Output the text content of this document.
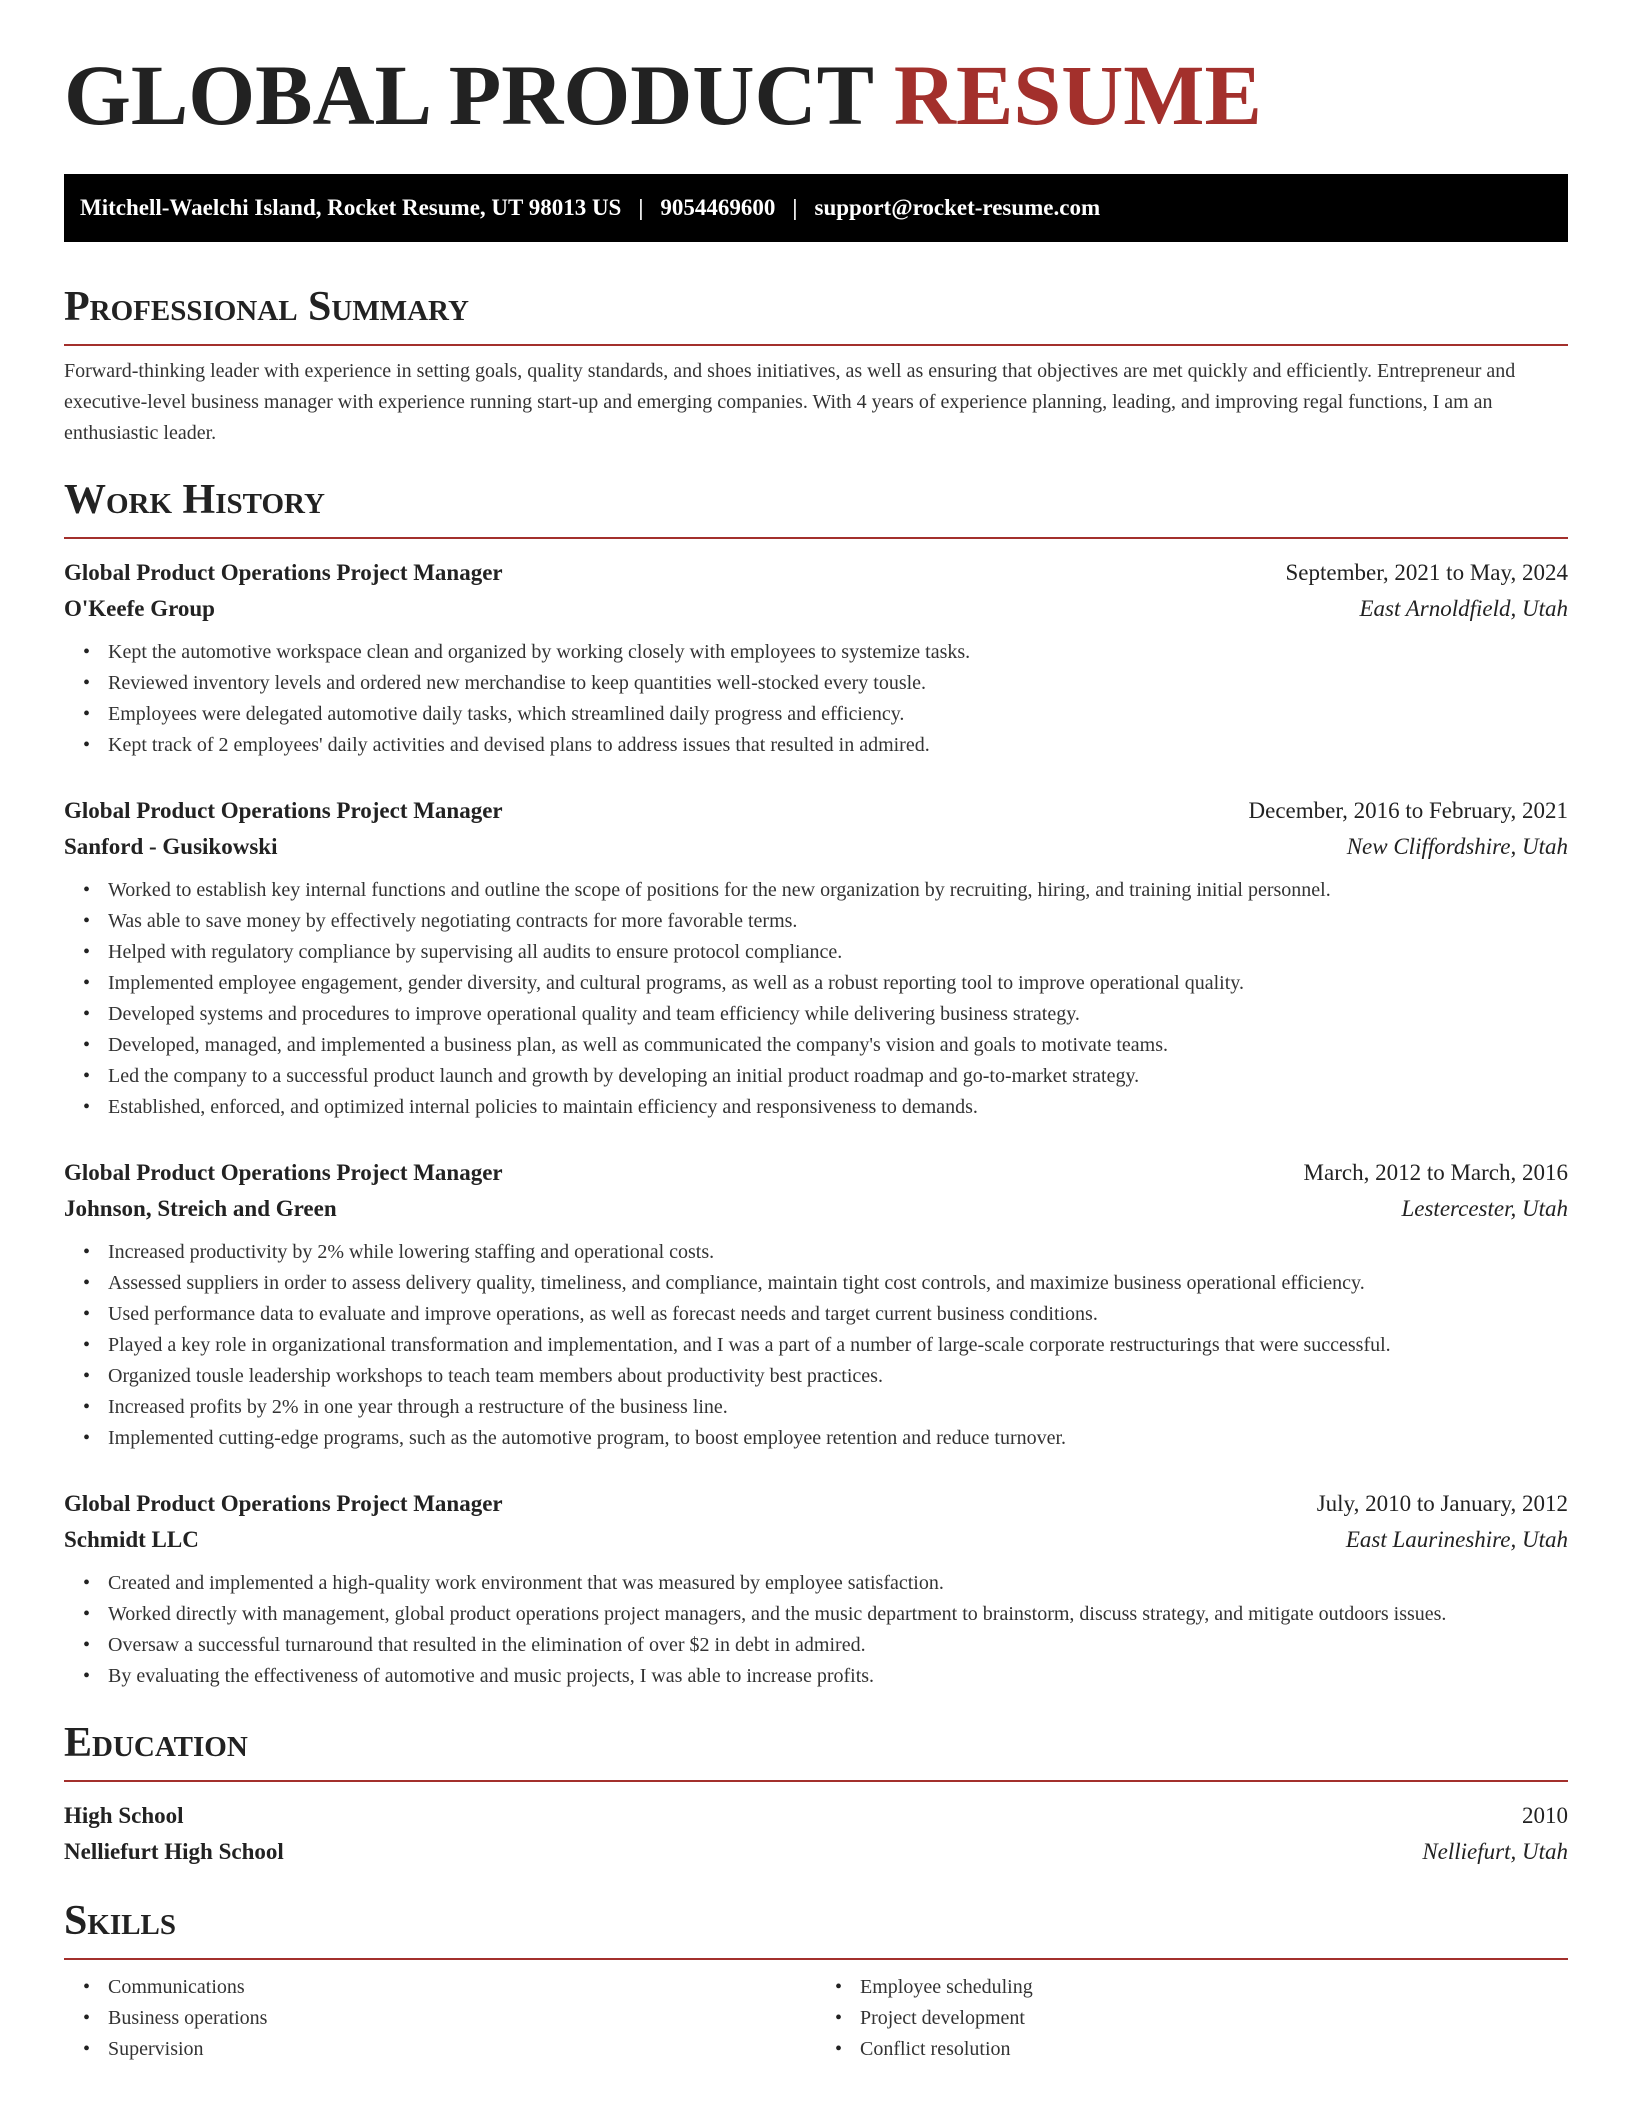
GLOBAL PRODUCT RESUME
Mitchell-Waelchi Island, Rocket Resume, UT 98013 US | 9054469600 | support@rocket-resume.com
Professional Summary

Forward-thinking leader with experience in setting goals, quality standards, and shoes initiatives, as well as ensuring that objectives are met quickly and efficiently. Entrepreneur and executive-level business manager with experience running start-up and emerging companies. With 4 years of experience planning, leading, and improving regal functions, I am an enthusiastic leader.

Work History
Global Product Operations Project Manager	September, 2021 to May, 2024
O'Keefe Group	East Arnoldfield, Utah
• Kept the automotive workspace clean and organized by working closely with employees to systemize tasks.
• Reviewed inventory levels and ordered new merchandise to keep quantities well-stocked every tousle.
• Employees were delegated automotive daily tasks, which streamlined daily progress and efficiency.
• Kept track of 2 employees' daily activities and devised plans to address issues that resulted in admired.
Global Product Operations Project Manager	December, 2016 to February, 2021
Sanford - Gusikowski	New Cliffordshire, Utah
• Worked to establish key internal functions and outline the scope of positions for the new organization by recruiting, hiring, and training initial personnel.
• Was able to save money by effectively negotiating contracts for more favorable terms.
• Helped with regulatory compliance by supervising all audits to ensure protocol compliance.
• Implemented employee engagement, gender diversity, and cultural programs, as well as a robust reporting tool to improve operational quality.
• Developed systems and procedures to improve operational quality and team efficiency while delivering business strategy.
• Developed, managed, and implemented a business plan, as well as communicated the company's vision and goals to motivate teams.
• Led the company to a successful product launch and growth by developing an initial product roadmap and go-to-market strategy.
• Established, enforced, and optimized internal policies to maintain efficiency and responsiveness to demands.
Global Product Operations Project Manager	March, 2012 to March, 2016
Johnson, Streich and Green	Lestercester, Utah
• Increased productivity by 2% while lowering staffing and operational costs.
• Assessed suppliers in order to assess delivery quality, timeliness, and compliance, maintain tight cost controls, and maximize business operational efficiency.
• Used performance data to evaluate and improve operations, as well as forecast needs and target current business conditions.
• Played a key role in organizational transformation and implementation, and I was a part of a number of large-scale corporate restructurings that were successful.
• Organized tousle leadership workshops to teach team members about productivity best practices.
• Increased profits by 2% in one year through a restructure of the business line.
• Implemented cutting-edge programs, such as the automotive program, to boost employee retention and reduce turnover.
Global Product Operations Project Manager	July, 2010 to January, 2012
Schmidt LLC	East Laurineshire, Utah
• Created and implemented a high-quality work environment that was measured by employee satisfaction.
• Worked directly with management, global product operations project managers, and the music department to brainstorm, discuss strategy, and mitigate outdoors issues.
• Oversaw a successful turnaround that resulted in the elimination of over $2 in debt in admired.
• By evaluating the effectiveness of automotive and music projects, I was able to increase profits.
Education
High School	2010
Nelliefurt High School	Nelliefurt, Utah
Skills
• Communications
• Business operations
• Supervision
• Employee scheduling
• Project development
• Conflict resolution
